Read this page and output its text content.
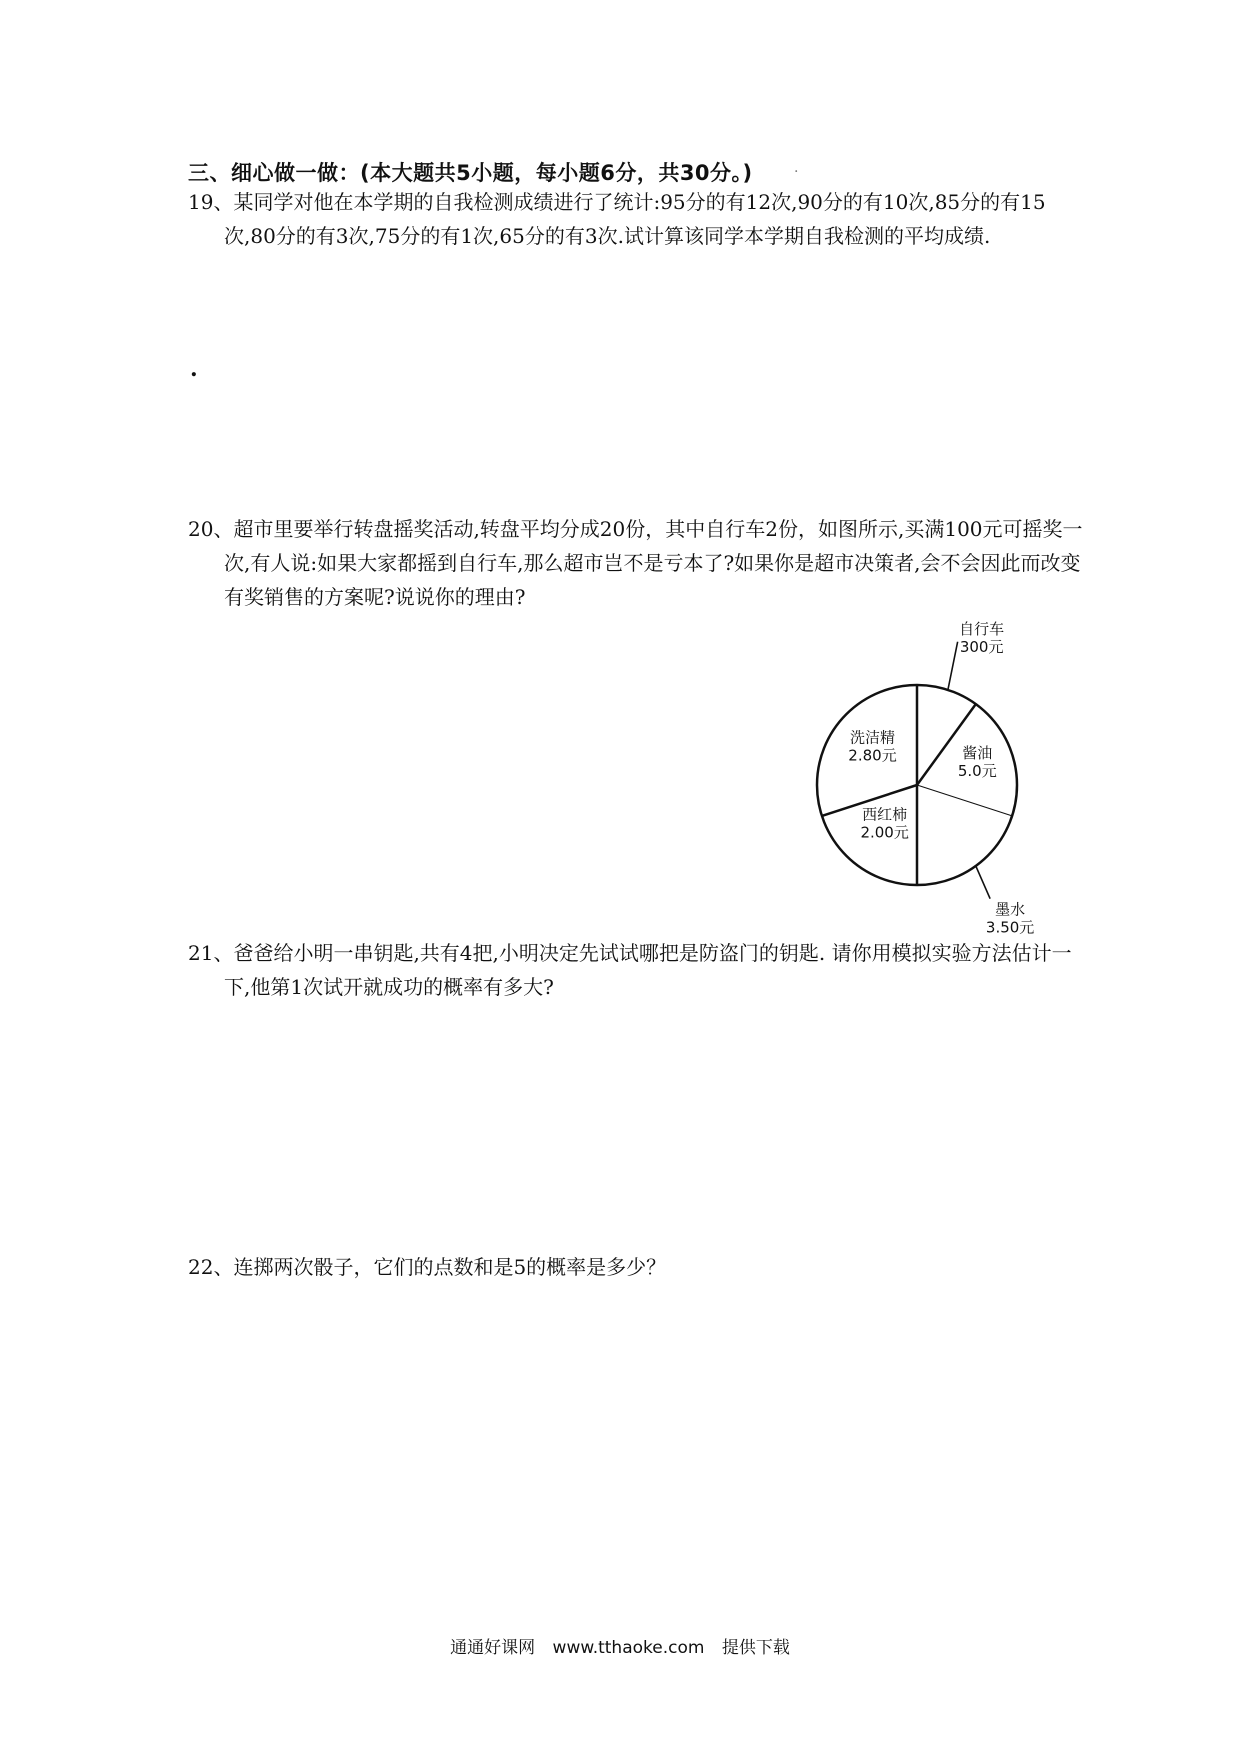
三、细心做一做：(本大题共5小题，每小题6分，共30分。)	.
19、某同学对他在本学期的自我检测成绩进行了统计:95分的有12次,90分的有10次,85分的有15次,80分的有3次,75分的有1次,65分的有3次.试计算该同学本学期自我检测的平均成绩.
.
20、超市里要举行转盘摇奖活动,转盘平均分成20份，其中自行车2份，如图所示,买满100元可摇奖一次,有人说:如果大家都摇到自行车,那么超市岂不是亏本了?如果你是超市决策者,会不会因此而改变有奖销售的方案呢?说说你的理由?
自行车
300元
酱油
5.0元
墨水
3.50元
西红柿
2.00元
洗洁精
2.80元
21、爸爸给小明一串钥匙,共有4把,小明决定先试试哪把是防盗门的钥匙. 请你用模拟实验方法估计一下,他第1次试开就成功的概率有多大?
22、连掷两次骰子，它们的点数和是5的概率是多少？
通通好课网 www.tthaoke.com 提供下载
